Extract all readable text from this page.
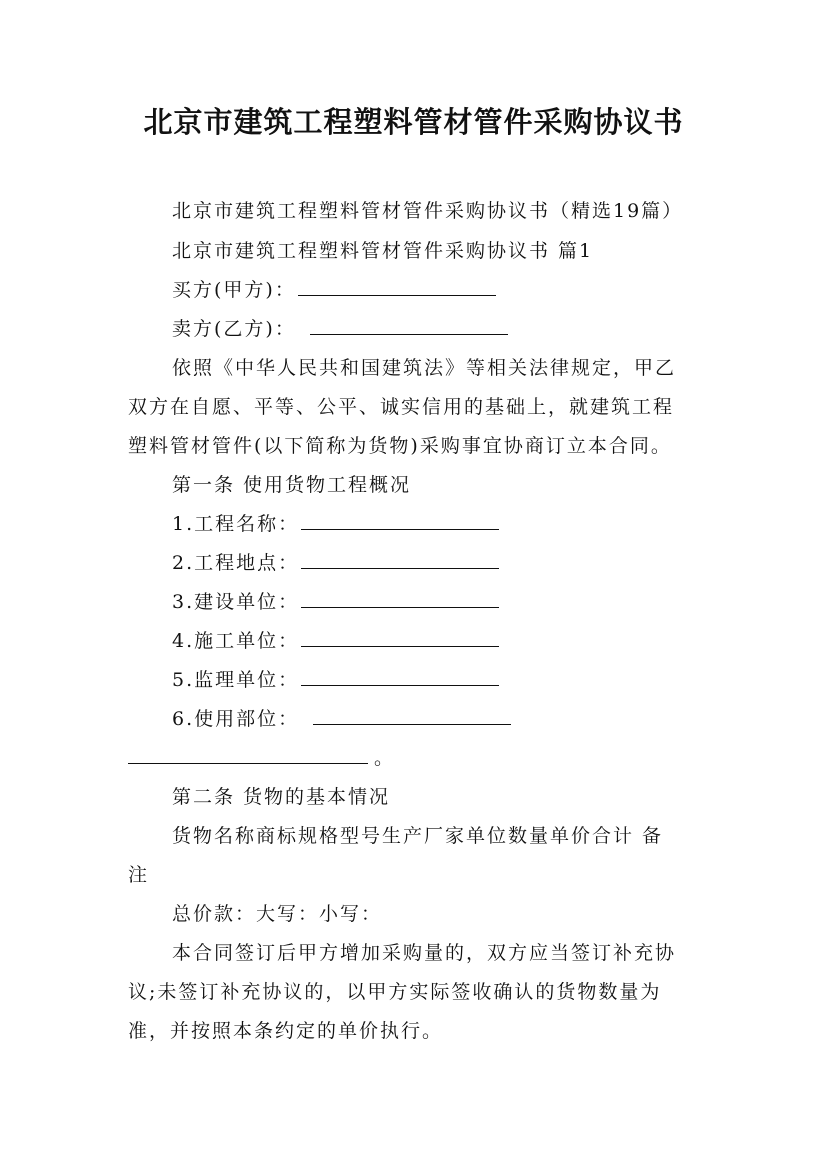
北京市建筑工程塑料管材管件采购协议书
北京市建筑工程塑料管材管件采购协议书（精选19篇）
北京市建筑工程塑料管材管件采购协议书 篇1
买方(甲方)：
卖方(乙方)：
依照《中华人民共和国建筑法》等相关法律规定，甲乙
双方在自愿、平等、公平、诚实信用的基础上，就建筑工程
塑料管材管件(以下简称为货物)采购事宜协商订立本合同。
第一条 使用货物工程概况
1.工程名称：
2.工程地点：
3.建设单位：
4.施工单位：
5.监理单位：
6.使用部位：
。
第二条 货物的基本情况
货物名称商标规格型号生产厂家单位数量单价合计 备
注
总价款：大写：小写：
本合同签订后甲方增加采购量的，双方应当签订补充协
议;未签订补充协议的，以甲方实际签收确认的货物数量为
准，并按照本条约定的单价执行。
